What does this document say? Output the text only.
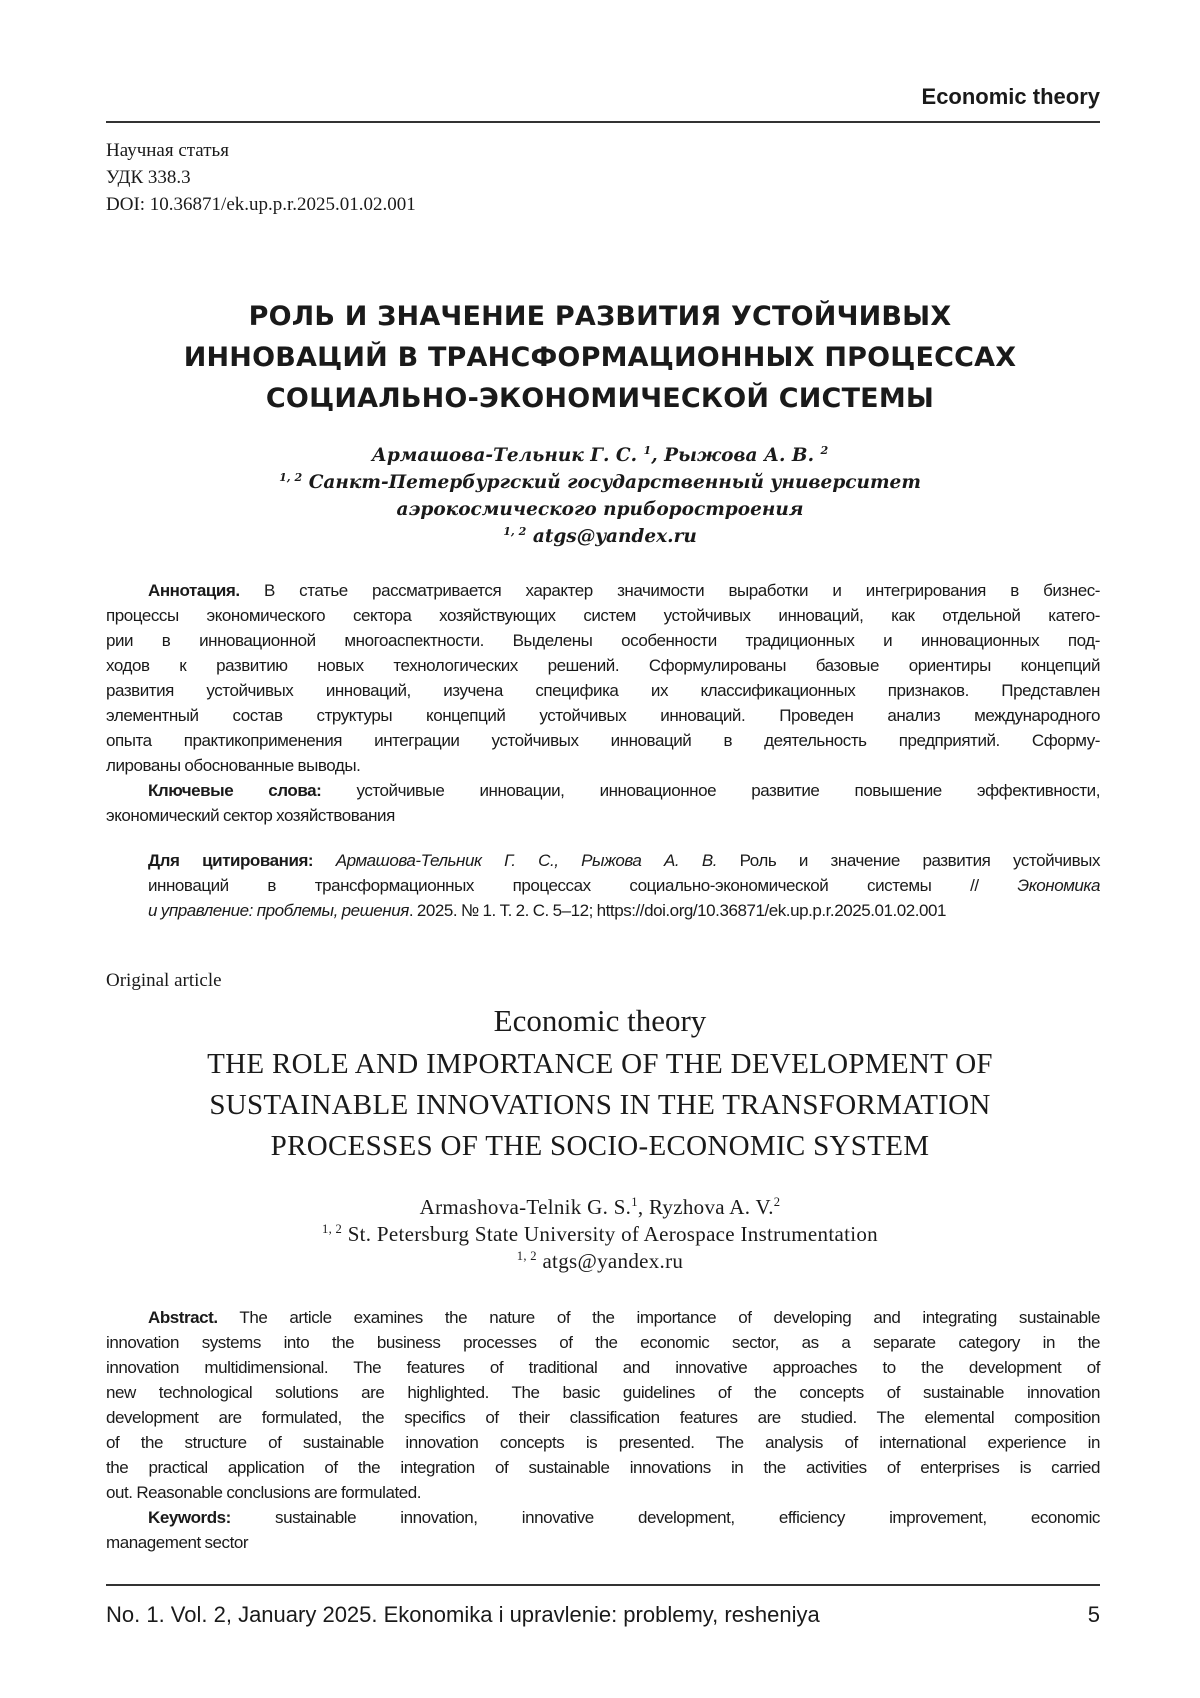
Economic theory
Научная статья
УДК 338.3
DOI: 10.36871/ek.up.p.r.2025.01.02.001
РОЛЬ И ЗНАЧЕНИЕ РАЗВИТИЯ УСТОЙЧИВЫХ
ИННОВАЦИЙ В ТРАНСФОРМАЦИОННЫХ ПРОЦЕССАХ
СОЦИАЛЬНО-ЭКОНОМИЧЕСКОЙ СИСТЕМЫ
Армашова-Тельник Г. С. 1, Рыжова А. В. 2
1, 2 Санкт-Петербургский государственный университет
аэрокосмического приборостроения
1, 2 atgs@yandex.ru
Аннотация. В статье рассматривается характер значимости выработки и интегрирования в бизнес-
процессы экономического сектора хозяйствующих систем устойчивых инноваций, как отдельной катего-
рии в инновационной многоаспектности. Выделены особенности традиционных и инновационных под-
ходов к развитию новых технологических решений. Сформулированы базовые ориентиры концепций
развития устойчивых инноваций, изучена специфика их классификационных признаков. Представлен
элементный состав структуры концепций устойчивых инноваций. Проведен анализ международного
опыта практикоприменения интеграции устойчивых инноваций в деятельность предприятий. Сформу-
лированы обоснованные выводы.
Ключевые слова: устойчивые инновации, инновационное развитие повышение эффективности,
экономический сектор хозяйствования
Для цитирования: Армашова-Тельник Г. С., Рыжова А. В. Роль и значение развития устойчивых
инноваций в трансформационных процессах социально-экономической системы // Экономика
и управление: проблемы, решения. 2025. № 1. Т. 2. С. 5–12; https://doi.org/10.36871/ek.up.p.r.2025.01.02.001
Original article
Economic theory
THE ROLE AND IMPORTANCE OF THE DEVELOPMENT OF
SUSTAINABLE INNOVATIONS IN THE TRANSFORMATION
PROCESSES OF THE SOCIO-ECONOMIC SYSTEM
Armashova-Telnik G. S.1, Ryzhova A. V.2
1, 2 St. Petersburg State University of Aerospace Instrumentation
1, 2 atgs@yandex.ru
Abstract. The article examines the nature of the importance of developing and integrating sustainable
innovation systems into the business processes of the economic sector, as a separate category in the
innovation multidimensional. The features of traditional and innovative approaches to the development of
new technological solutions are highlighted. The basic guidelines of the concepts of sustainable innovation
development are formulated, the specifics of their classification features are studied. The elemental composition
of the structure of sustainable innovation concepts is presented. The analysis of international experience in
the practical application of the integration of sustainable innovations in the activities of enterprises is carried
out. Reasonable conclusions are formulated.
Keywords: sustainable innovation, innovative development, efficiency improvement, economic
management sector
No. 1. Vol. 2, January 2025. Ekonomika i upravlenie: problemy, resheniya	5
